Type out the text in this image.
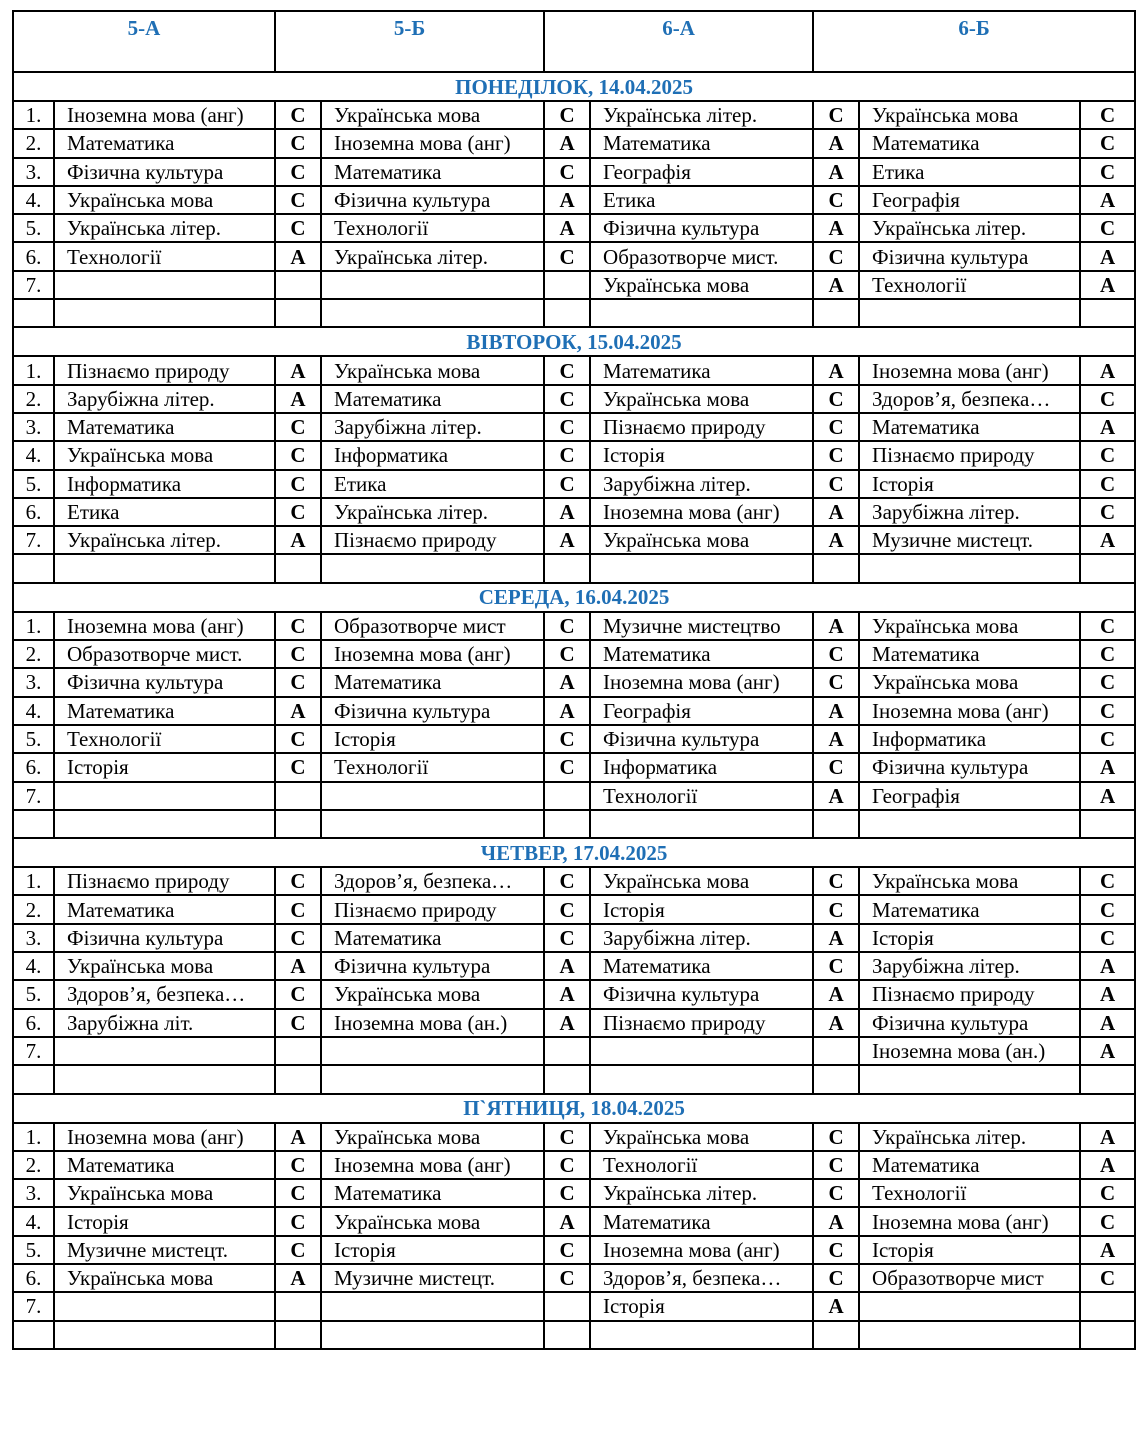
5-А		5-Б		6-А		6-Б		
ПОНЕДІЛОК, 14.04.2025								
1.	Іноземна мова (анг)	С	Українська мова	С	Українська літер.	С	Українська мова	С
2.	Математика	С	Іноземна мова (анг)	А	Математика	А	Математика	С
3.	Фізична культура	С	Математика	С	Географія	А	Етика	С
4.	Українська мова	С	Фізична культура	А	Етика	С	Географія	А
5.	Українська літер.	С	Технології	А	Фізична культура	А	Українська літер.	С
6.	Технології	А	Українська літер.	С	Образотворче мист.	С	Фізична культура	А
7.					Українська мова	А	Технології	А

ВІВТОРОК, 15.04.2025								
1.	Пізнаємо природу	А	Українська мова	С	Математика	А	Іноземна мова (анг)	А
2.	Зарубіжна літер.	А	Математика	С	Українська мова	С	Здоров’я, безпека…	С
3.	Математика	С	Зарубіжна літер.	С	Пізнаємо природу	С	Математика	А
4.	Українська мова	С	Інформатика	С	Історія	С	Пізнаємо природу	С
5.	Інформатика	С	Етика	С	Зарубіжна літер.	С	Історія	С
6.	Етика	С	Українська літер.	А	Іноземна мова (анг)	А	Зарубіжна літер.	С
7.	Українська літер.	А	Пізнаємо природу	А	Українська мова	А	Музичне мистецт.	А

СЕРЕДА, 16.04.2025								
1.	Іноземна мова (анг)	С	Образотворче мист	С	Музичне мистецтво	А	Українська мова	С
2.	Образотворче мист.	С	Іноземна мова (анг)	С	Математика	С	Математика	С
3.	Фізична культура	С	Математика	А	Іноземна мова (анг)	С	Українська мова	С
4.	Математика	А	Фізична культура	А	Географія	А	Іноземна мова (анг)	С
5.	Технології	С	Історія	С	Фізична культура	А	Інформатика	С
6.	Історія	С	Технології	С	Інформатика	С	Фізична культура	А
7.					Технології	А	Географія	А

ЧЕТВЕР, 17.04.2025								
1.	Пізнаємо природу	С	Здоров’я, безпека…	С	Українська мова	С	Українська мова	С
2.	Математика	С	Пізнаємо природу	С	Історія	С	Математика	С
3.	Фізична культура	С	Математика	С	Зарубіжна літер.	А	Історія	С
4.	Українська мова	А	Фізична культура	А	Математика	С	Зарубіжна літер.	А
5.	Здоров’я, безпека…	С	Українська мова	А	Фізична культура	А	Пізнаємо природу	А
6.	Зарубіжна літ.	С	Іноземна мова (ан.)	А	Пізнаємо природу	А	Фізична культура	А
7.							Іноземна мова (ан.)	А

П`ЯТНИЦЯ, 18.04.2025								
1.	Іноземна мова (анг)	А	Українська мова	С	Українська мова	С	Українська літер.	А
2.	Математика	С	Іноземна мова (анг)	С	Технології	С	Математика	А
3.	Українська мова	С	Математика	С	Українська літер.	С	Технології	С
4.	Історія	С	Українська мова	А	Математика	А	Іноземна мова (анг)	С
5.	Музичне мистецт.	С	Історія	С	Іноземна мова (анг)	С	Історія	А
6.	Українська мова	А	Музичне мистецт.	С	Здоров’я, безпека…	С	Образотворче мист	С
7.					Історія	А		
